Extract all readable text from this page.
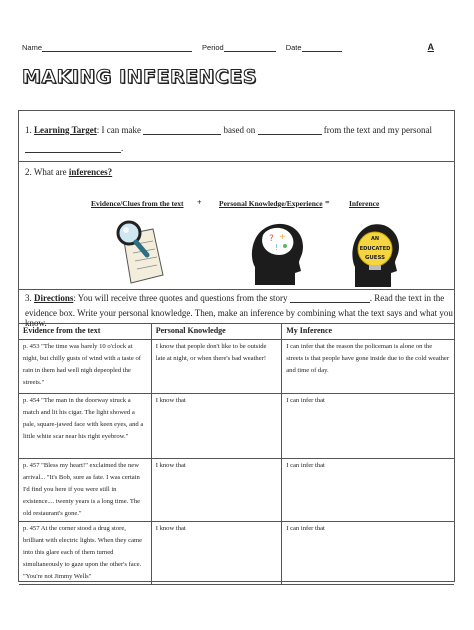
Name	Period	Date	A
MAKING INFERENCES
1. Learning Target: I can make	based on	from the text and my personal
.
2. What are inferences?
Evidence/Clues from the text + Personal Knowledge/Experience =	Inference
? +
!
AN
EDUCATED
GUESS
3. Directions: You will receive three quotes and questions from the story	. Read the text in the
evidence box. Write your personal knowledge. Then, make an inference by combining what the text says and what you know.
Evidence from the text	Personal Knowledge	My Inference
p. 453 "The time was barely 10 o'clock at night, but chilly gusts of wind with a taste of rain in them had well nigh depeopled the streets."	I know that people don't like to be outside late at night, or when there's bad weather!	I can infer that the reason the policeman is alone on the streets is that people have gone inside due to the cold weather and time of day.
p. 454 "The man in the doorway struck a match and lit his cigar. The light showed a pale, square-jawed face with keen eyes, and a little white scar near his right eyebrow."	I know that	I can infer that
p. 457 "Bless my heart!" exclaimed the new arrival... "It's Bob, sure as fate. I was certain I'd find you here if you were still in existence.... twenty years is a long time. The old restaurant's gone."	I know that	I can infer that
p. 457 At the corner stood a drug store, brilliant with electric lights. When they came into this glare each of them turned simultaneously to gaze upon the other's face. "You're not Jimmy Wells"	I know that	I can infer that
